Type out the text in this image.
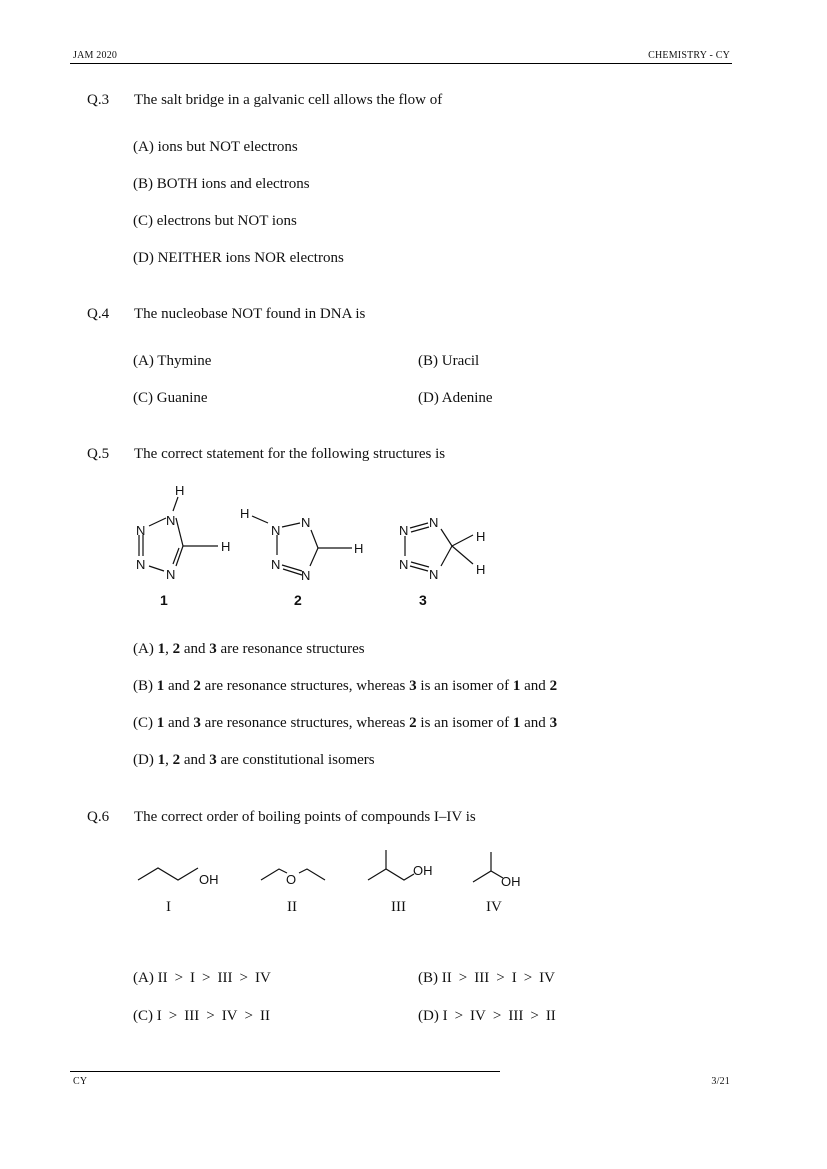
JAM 2020	CHEMISTRY - CY
Q.3 The salt bridge in a galvanic cell allows the flow of
(A) ions but NOT electrons
(B) BOTH ions and electrons
(C) electrons but NOT ions
(D) NEITHER ions NOR electrons
Q.4 The nucleobase NOT found in DNA is
(A) Thymine	(B) Uracil
(C) Guanine	(D) Adenine
Q.5 The correct statement for the following structures is
H
N
N
N
N
H
1
H
N
N
N
N
H
2
N
N
N
N
H
H
3
(A) 1, 2 and 3 are resonance structures
(B) 1 and 2 are resonance structures, whereas 3 is an isomer of 1 and 2
(C) 1 and 3 are resonance structures, whereas 2 is an isomer of 1 and 3
(D) 1, 2 and 3 are constitutional isomers
Q.6 The correct order of boiling points of compounds I–IV is
OH	O
OH
OH
I	II	III	IV
(A) II > I > III > IV	(B) II > III > I > IV
(C) I > III > IV > II	(D) I > IV > III > II
CY	3/21
